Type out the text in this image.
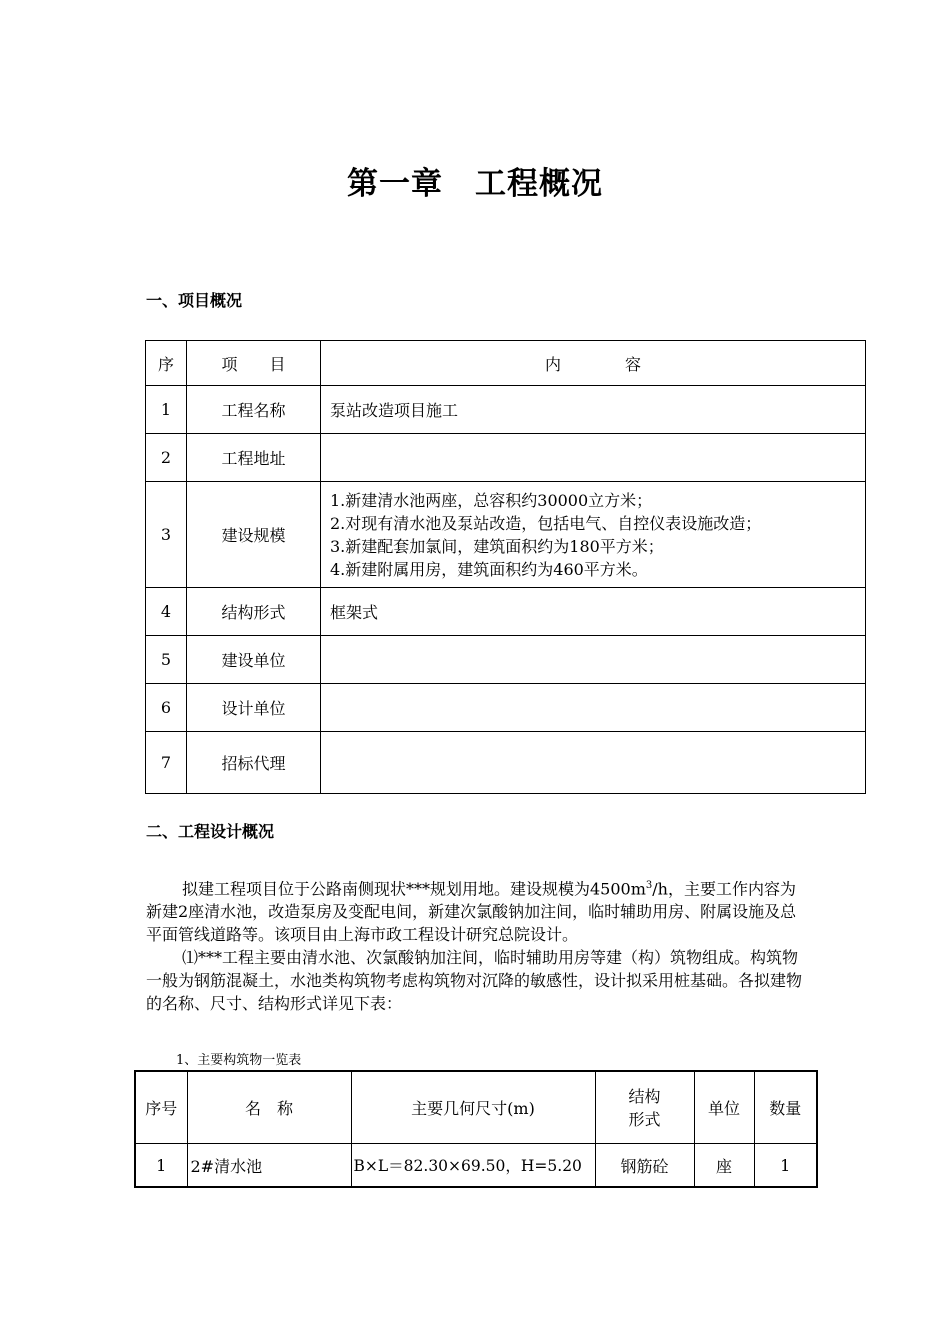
第一章　工程概况
一、项目概况
序	项　　目	内　　　　容
1	工程名称	泵站改造项目施工
2	工程地址	
3	建设规模	1.新建清水池两座，总容积约30000立方米；
2.对现有清水池及泵站改造，包括电气、自控仪表设施改造；
3.新建配套加氯间，建筑面积约为180平方米；
4.新建附属用房，建筑面积约为460平方米。

4	结构形式	框架式
5	建设单位	
6	设计单位	
7	招标代理	
二、工程设计概况

拟建工程项目位于公路南侧现状***规划用地。建设规模为$4500m^3/h$，主要工作内容为新建2座清水池，改造泵房及变配电间，新建次氯酸钠加注间，临时辅助用房、附属设施及总平面管线道路等。该项目由上海市政工程设计研究总院设计。

⑴***工程主要由清水池、次氯酸钠加注间，临时辅助用房等建（构）筑物组成。构筑物一般为钢筋混凝土，水池类构筑物考虑构筑物对沉降的敏感性，设计拟采用桩基础。各拟建物的名称、尺寸、结构形式详见下表：

1、主要构筑物一览表
序号	名　称	主要几何尺寸(m)	结构
形式	单位	数量
1	2#清水池	B×L＝82.30×69.50，H=5.20	钢筋砼	座	1
